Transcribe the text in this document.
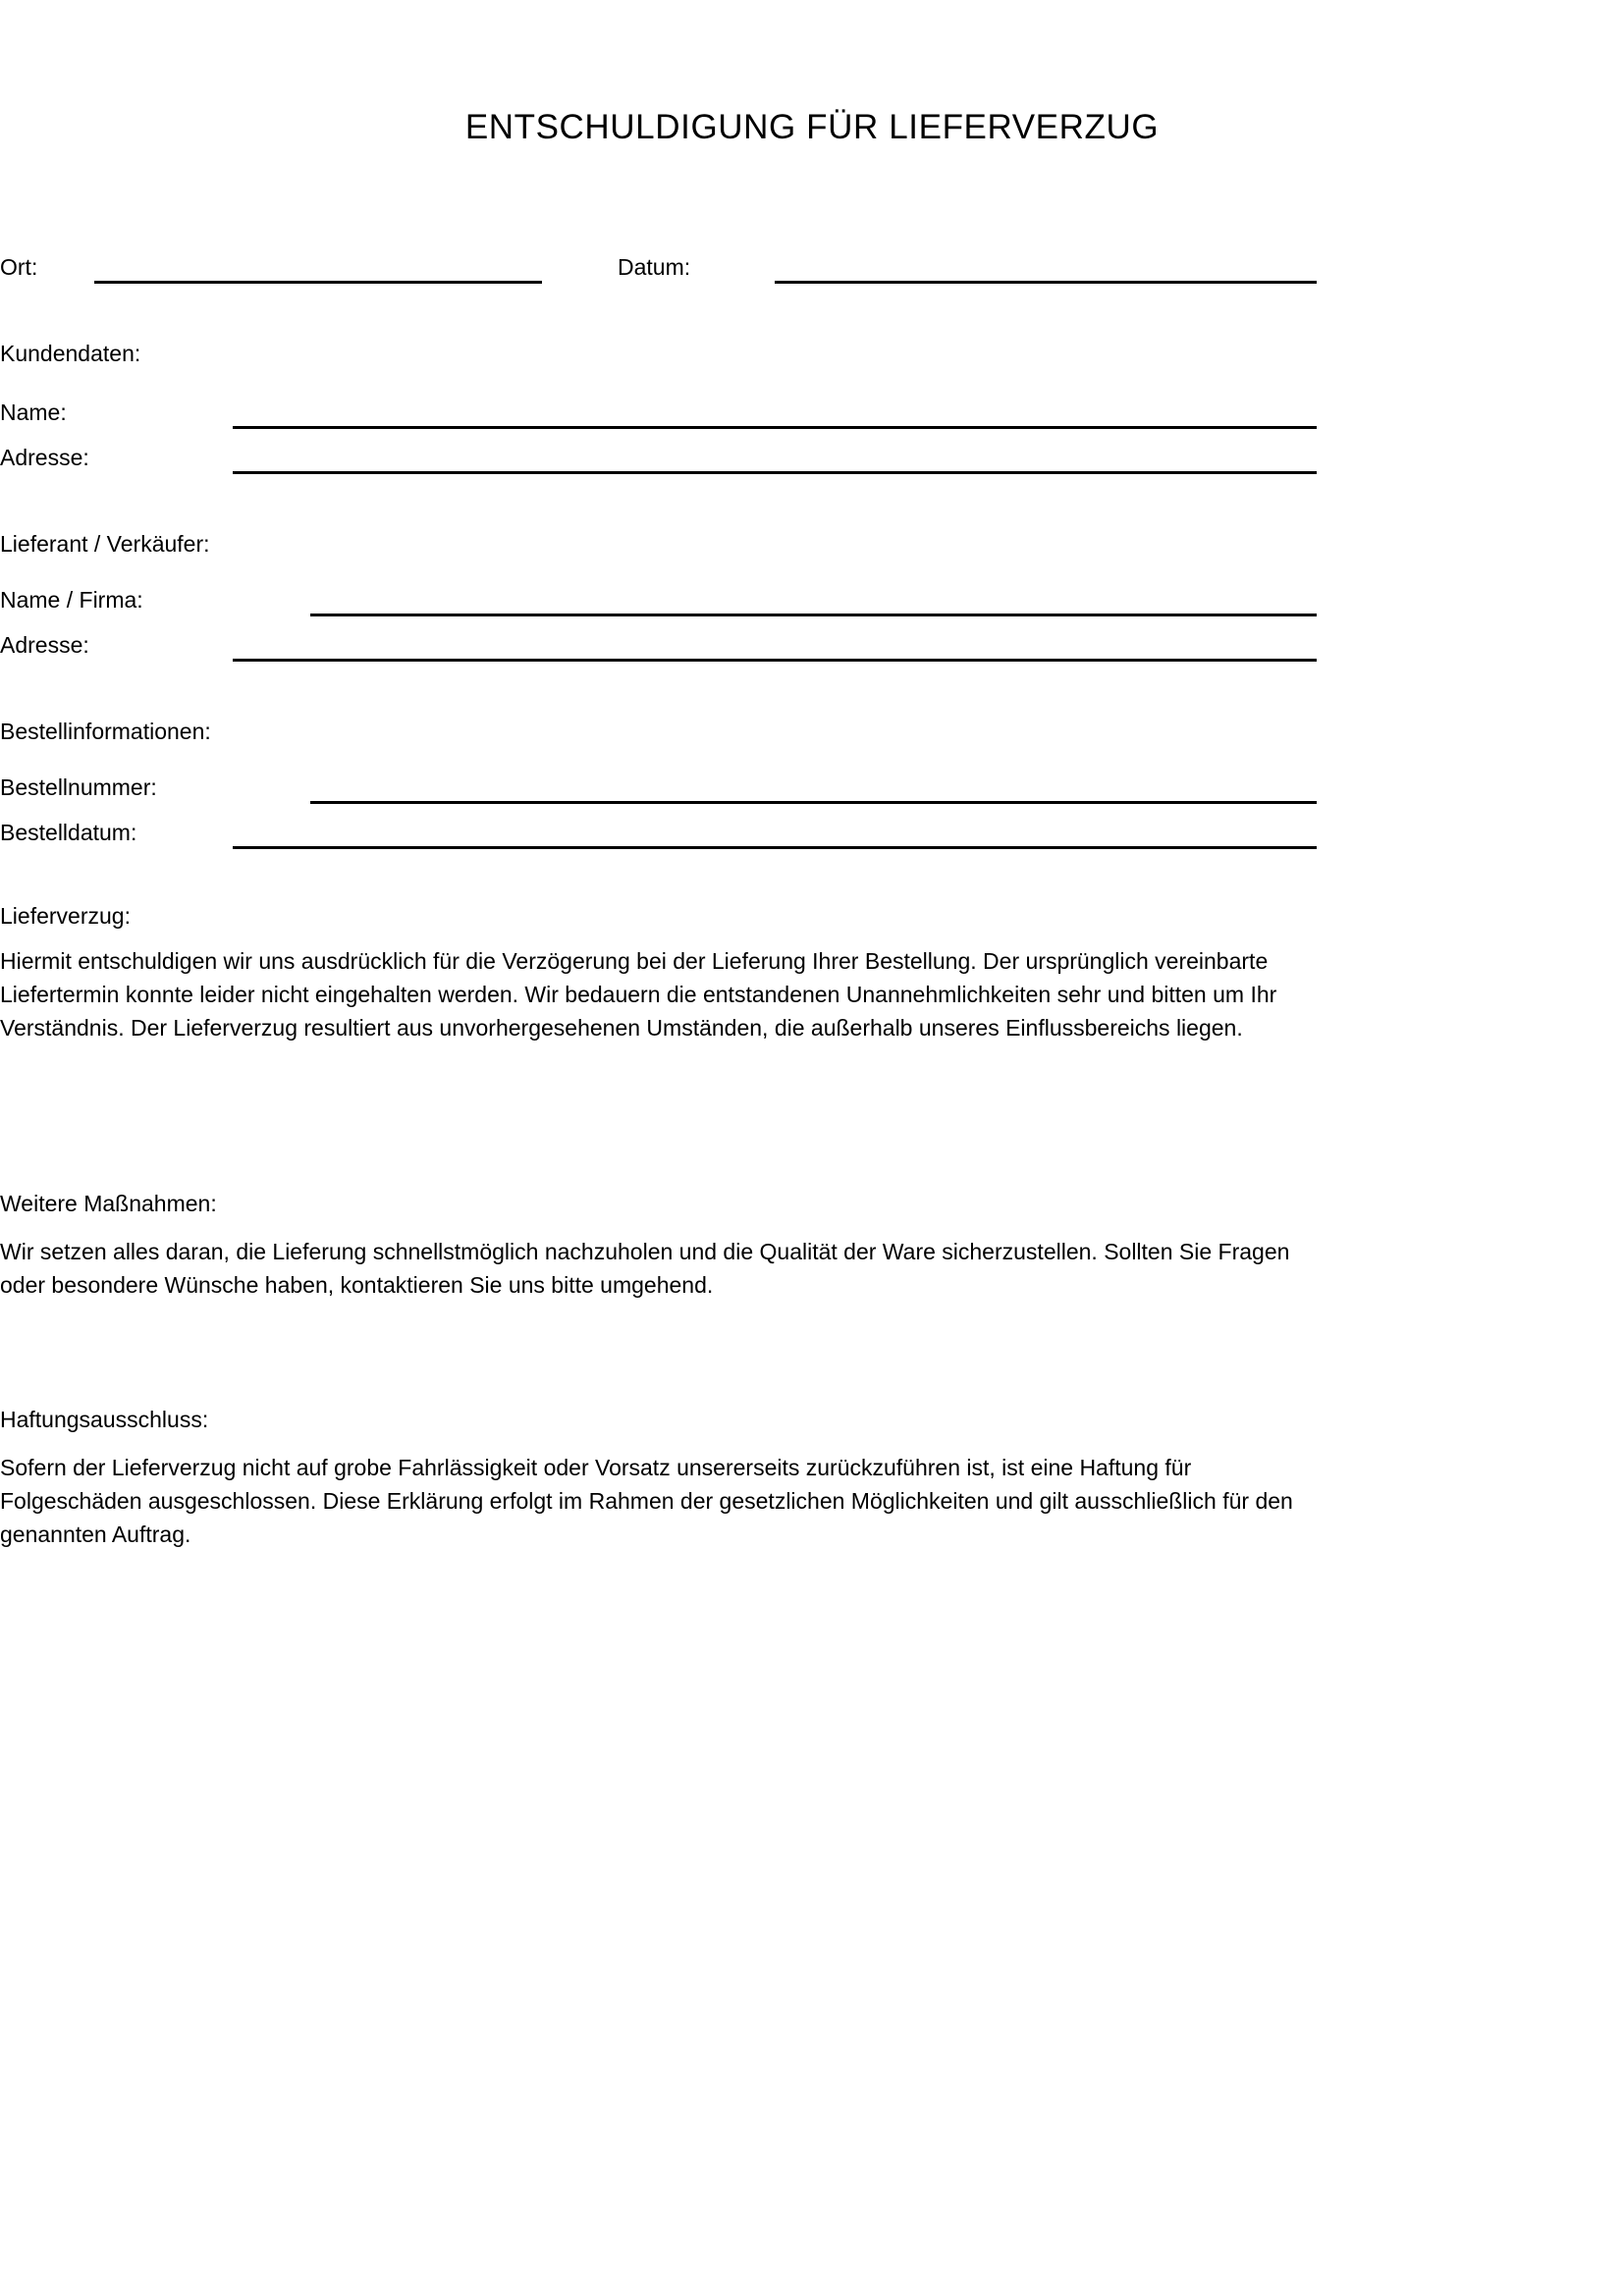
ENTSCHULDIGUNG FÜR LIEFERVERZUG
Ort:	Datum:
Kundendaten:
Name:
Adresse:
Lieferant / Verkäufer:
Name / Firma:
Adresse:
Bestellinformationen:
Bestellnummer:
Bestelldatum:
Lieferverzug:
Hiermit entschuldigen wir uns ausdrücklich für die Verzögerung bei der Lieferung Ihrer Bestellung. Der ursprünglich vereinbarte Liefertermin konnte leider nicht eingehalten werden. Wir bedauern die entstandenen Unannehmlichkeiten sehr und bitten um Ihr Verständnis. Der Lieferverzug resultiert aus unvorhergesehenen Umständen, die außerhalb unseres Einflussbereichs liegen.
Weitere Maßnahmen:
Wir setzen alles daran, die Lieferung schnellstmöglich nachzuholen und die Qualität der Ware sicherzustellen. Sollten Sie Fragen oder besondere Wünsche haben, kontaktieren Sie uns bitte umgehend.
Haftungsausschluss:
Sofern der Lieferverzug nicht auf grobe Fahrlässigkeit oder Vorsatz unsererseits zurückzuführen ist, ist eine Haftung für Folgeschäden ausgeschlossen. Diese Erklärung erfolgt im Rahmen der gesetzlichen Möglichkeiten und gilt ausschließlich für den genannten Auftrag.
